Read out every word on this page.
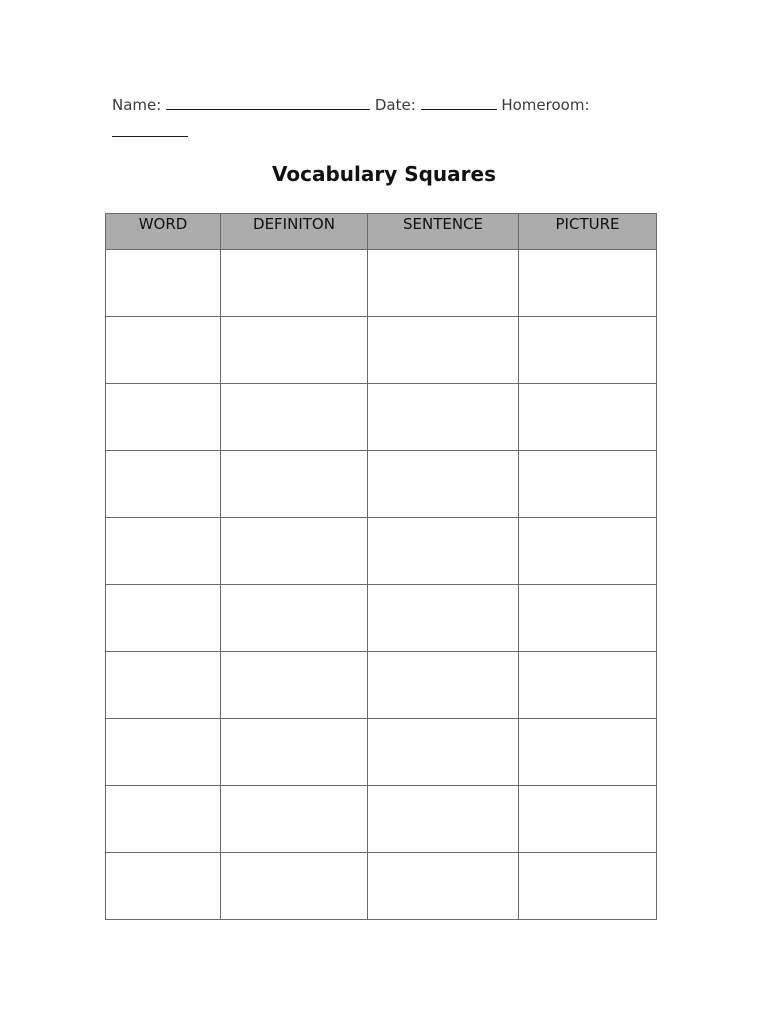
Name:	Date:	Homeroom:

Vocabulary Squares
WORD	DEFINITON	SENTENCE	PICTURE
